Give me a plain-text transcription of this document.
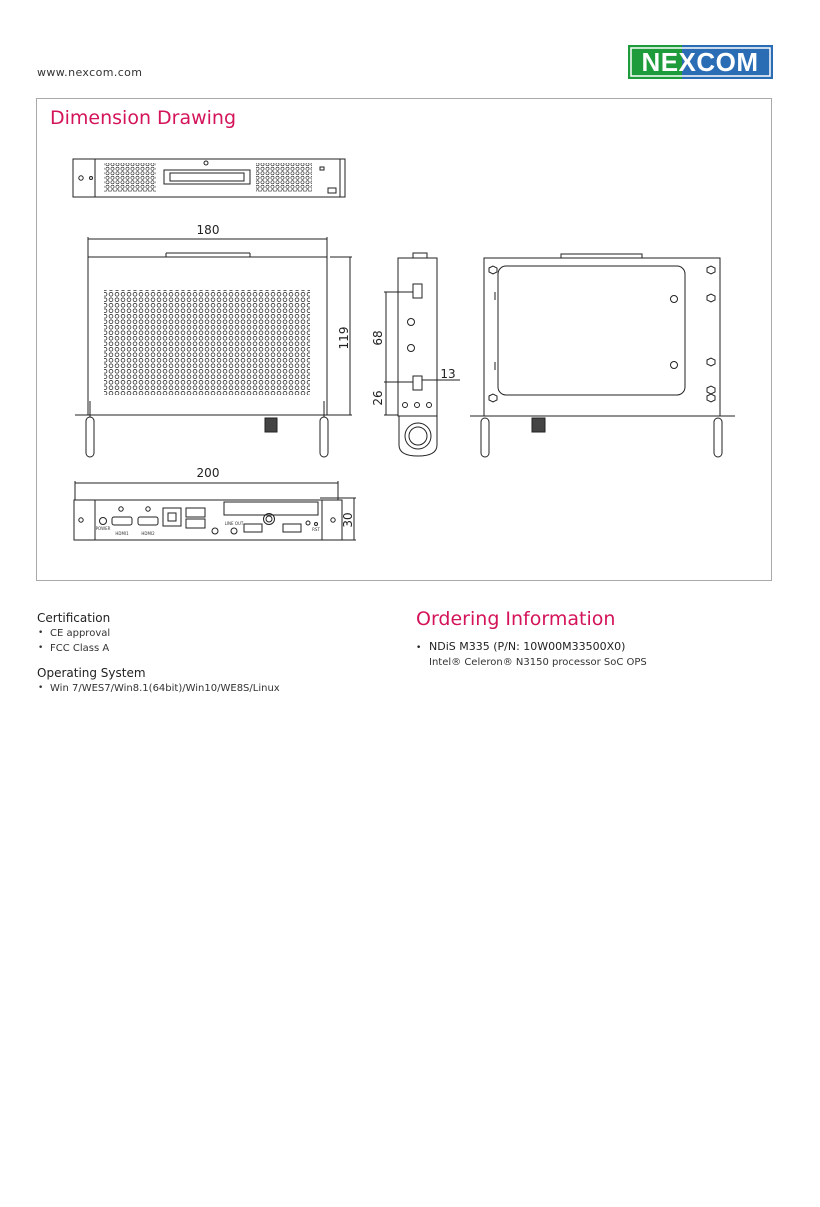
www.nexcom.com	NEXCOM
Dimension Drawing
180
119 68
26
13
POWER
HDMI1	HDMI2
LINE OUT
RST
200
30
Certification
• CE approval
• FCC Class A
Operating System
• Win 7/WES7/Win8.1(64bit)/Win10/WE8S/Linux
Ordering Information
• NDiS M335 (P/N: 10W00M33500X0)
Intel® Celeron® N3150 processor SoC OPS
